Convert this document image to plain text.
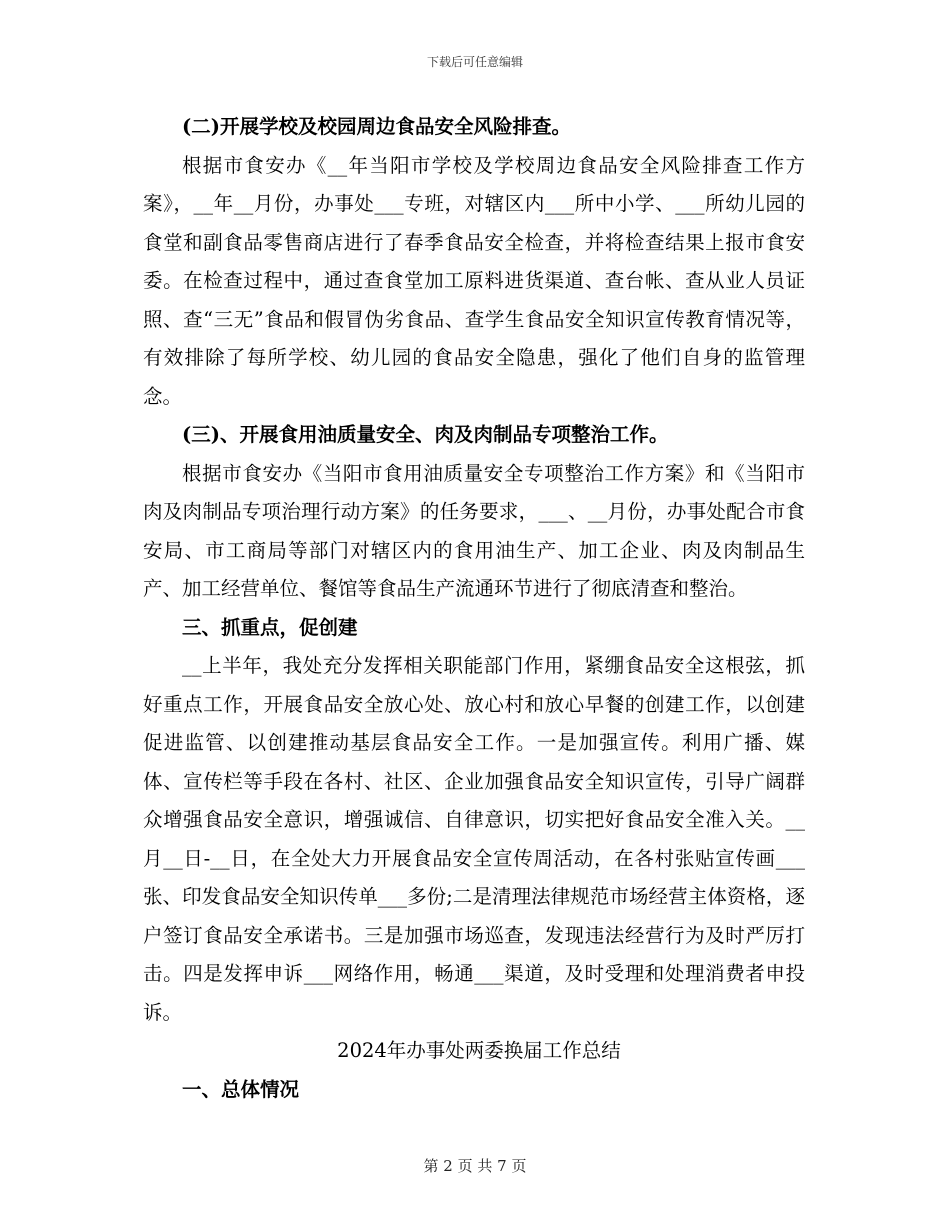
下载后可任意编辑

(二)开展学校及校园周边食品安全风险排查。

根据市食安办《__年当阳市学校及学校周边食品安全风险排查工作方案》，__年__月份，办事处___专班，对辖区内___所中小学、___所幼儿园的食堂和副食品零售商店进行了春季食品安全检查，并将检查结果上报市食安委。在检查过程中，通过查食堂加工原料进货渠道、查台帐、查从业人员证照、查“三无”食品和假冒伪劣食品、查学生食品安全知识宣传教育情况等，有效排除了每所学校、幼儿园的食品安全隐患，强化了他们自身的监管理念。

(三)、开展食用油质量安全、肉及肉制品专项整治工作。

根据市食安办《当阳市食用油质量安全专项整治工作方案》和《当阳市肉及肉制品专项治理行动方案》的任务要求，___、__月份，办事处配合市食安局、市工商局等部门对辖区内的食用油生产、加工企业、肉及肉制品生产、加工经营单位、餐馆等食品生产流通环节进行了彻底清查和整治。

三、抓重点，促创建

__上半年，我处充分发挥相关职能部门作用，紧绷食品安全这根弦，抓好重点工作，开展食品安全放心处、放心村和放心早餐的创建工作，以创建促进监管、以创建推动基层食品安全工作。一是加强宣传。利用广播、媒体、宣传栏等手段在各村、社区、企业加强食品安全知识宣传，引导广阔群众增强食品安全意识，增强诚信、自律意识，切实把好食品安全准入关。__月__日-__日，在全处大力开展食品安全宣传周活动，在各村张贴宣传画___张、印发食品安全知识传单___多份;二是清理法律规范市场经营主体资格，逐户签订食品安全承诺书。三是加强市场巡查，发现违法经营行为及时严厉打击。四是发挥申诉___网络作用，畅通___渠道，及时受理和处理消费者申投诉。

2024年办事处两委换届工作总结

一、总体情况

第 2 页 共 7 页
